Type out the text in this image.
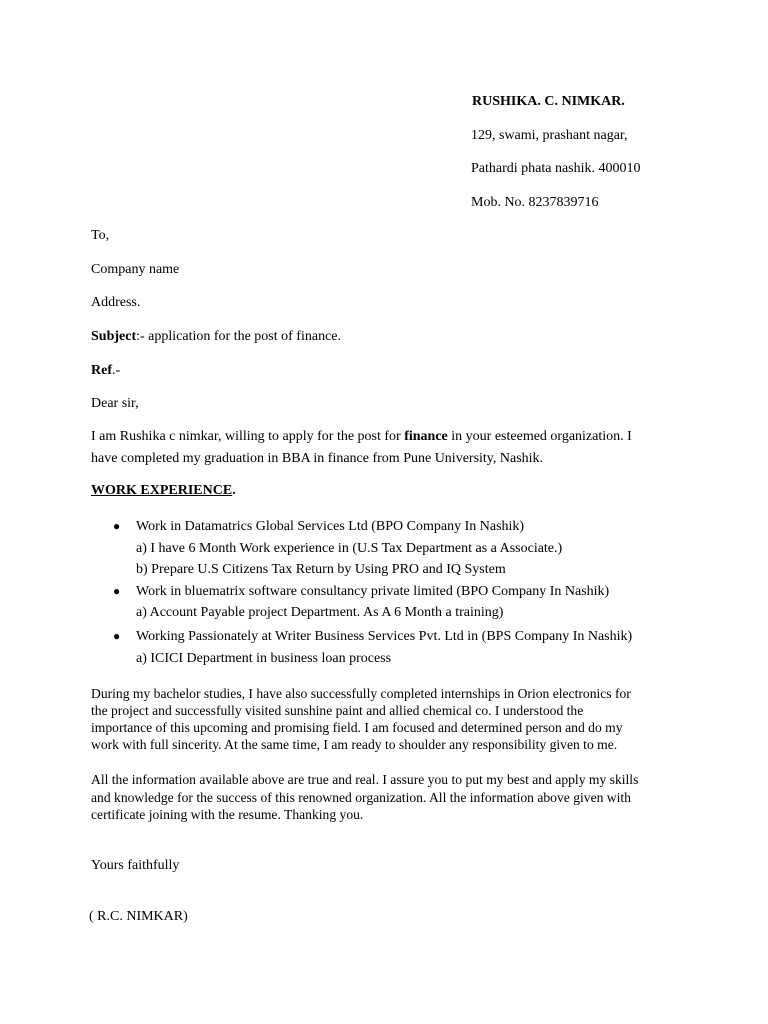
RUSHIKA. C. NIMKAR.
129, swami, prashant nagar,
Pathardi phata nashik. 400010
Mob. No. 8237839716
To,
Company name
Address.
Subject:- application for the post of finance.
Ref.-
Dear sir,
I am Rushika c nimkar, willing to apply for the post for finance in your esteemed organization. I
have completed my graduation in BBA in finance from Pune University, Nashik.
WORK EXPERIENCE.
● Work in Datamatrics Global Services Ltd (BPO Company In Nashik)
a) I have 6 Month Work experience in (U.S Tax Department as a Associate.)
b) Prepare U.S Citizens Tax Return by Using PRO and IQ System
● Work in bluematrix software consultancy private limited (BPO Company In Nashik)
a) Account Payable project Department. As A 6 Month a training)
● Working Passionately at Writer Business Services Pvt. Ltd in (BPS Company In Nashik)
a) ICICI Department in business loan process
During my bachelor studies, I have also successfully completed internships in Orion electronics for
the project and successfully visited sunshine paint and allied chemical co. I understood the
importance of this upcoming and promising field. I am focused and determined person and do my
work with full sincerity. At the same time, I am ready to shoulder any responsibility given to me.
All the information available above are true and real. I assure you to put my best and apply my skills
and knowledge for the success of this renowned organization. All the information above given with
certificate joining with the resume. Thanking you.
Yours faithfully
( R.C. NIMKAR)
